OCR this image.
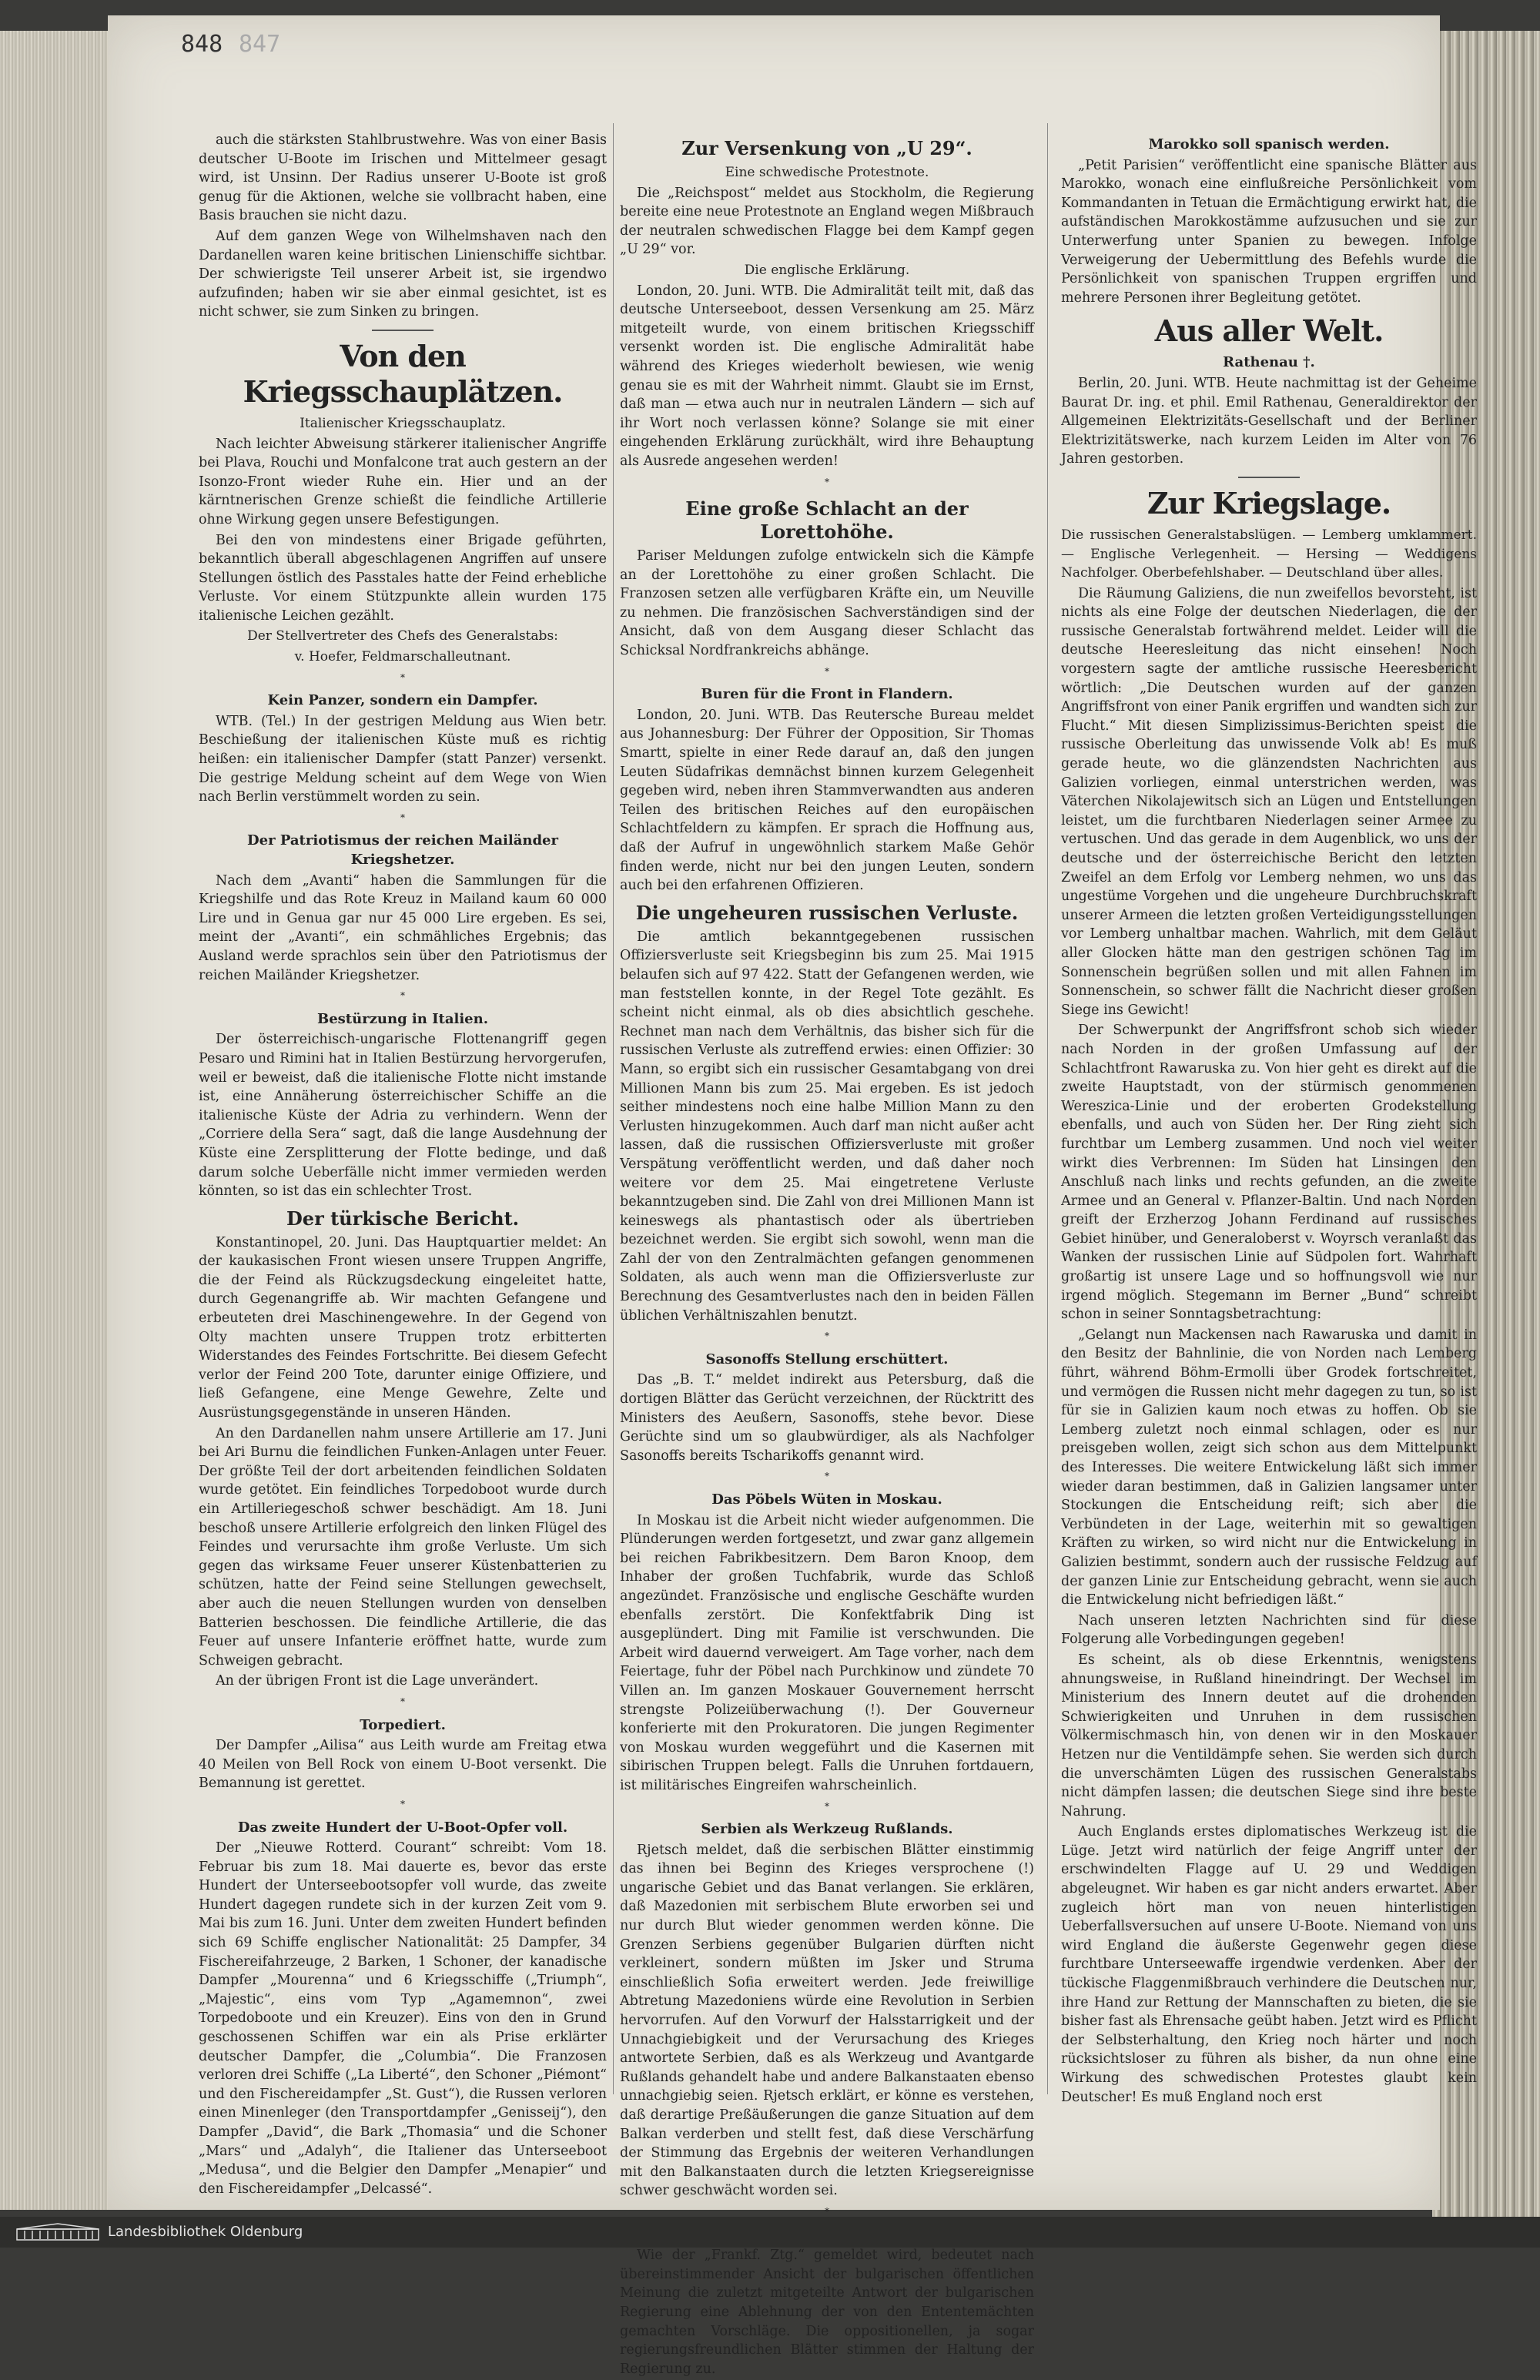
848 847

auch die stärksten Stahlbrustwehre. Was von einer Basis deutscher U-Boote im Irischen und Mittelmeer gesagt wird, ist Unsinn. Der Radius unserer U-Boote ist groß genug für die Aktionen, welche sie vollbracht haben, eine Basis brauchen sie nicht dazu.

Auf dem ganzen Wege von Wilhelmshaven nach den Dardanellen waren keine britischen Linienschiffe sichtbar. Der schwierigste Teil unserer Arbeit ist, sie irgendwo aufzufinden; haben wir sie aber einmal gesichtet, ist es nicht schwer, sie zum Sinken zu bringen.

Von den Kriegsschauplätzen.
Italienischer Kriegsschauplatz.

Nach leichter Abweisung stärkerer italienischer Angriffe bei Plava, Rouchi und Monfalcone trat auch gestern an der Isonzo-Front wieder Ruhe ein. Hier und an der kärntnerischen Grenze schießt die feindliche Artillerie ohne Wirkung gegen unsere Befestigungen.

Bei den von mindestens einer Brigade geführten, bekanntlich überall abgeschlagenen Angriffen auf unsere Stellungen östlich des Passtales hatte der Feind erhebliche Verluste. Vor einem Stützpunkte allein wurden 175 italienische Leichen gezählt.

Der Stellvertreter des Chefs des Generalstabs:
v. Hoefer, Feldmarschalleutnant.
*
Kein Panzer, sondern ein Dampfer.

WTB. (Tel.) In der gestrigen Meldung aus Wien betr. Beschießung der italienischen Küste muß es richtig heißen: ein italienischer Dampfer (statt Panzer) versenkt. Die gestrige Meldung scheint auf dem Wege von Wien nach Berlin verstümmelt worden zu sein.

*
Der Patriotismus der reichen Mailänder Kriegshetzer.

Nach dem „Avanti“ haben die Sammlungen für die Kriegshilfe und das Rote Kreuz in Mailand kaum 60 000 Lire und in Genua gar nur 45 000 Lire ergeben. Es sei, meint der „Avanti“, ein schmähliches Ergebnis; das Ausland werde sprachlos sein über den Patriotismus der reichen Mailänder Kriegshetzer.

*
Bestürzung in Italien.

Der österreichisch-ungarische Flottenangriff gegen Pesaro und Rimini hat in Italien Bestürzung hervorgerufen, weil er beweist, daß die italienische Flotte nicht imstande ist, eine Annäherung österreichischer Schiffe an die italienische Küste der Adria zu verhindern. Wenn der „Corriere della Sera“ sagt, daß die lange Ausdehnung der Küste eine Zersplitterung der Flotte bedinge, und daß darum solche Ueberfälle nicht immer vermieden werden könnten, so ist das ein schlechter Trost.

Der türkische Bericht.

Konstantinopel, 20. Juni. Das Hauptquartier meldet: An der kaukasischen Front wiesen unsere Truppen Angriffe, die der Feind als Rückzugsdeckung eingeleitet hatte, durch Gegenangriffe ab. Wir machten Gefangene und erbeuteten drei Maschinengewehre. In der Gegend von Olty machten unsere Truppen trotz erbitterten Widerstandes des Feindes Fortschritte. Bei diesem Gefecht verlor der Feind 200 Tote, darunter einige Offiziere, und ließ Gefangene, eine Menge Gewehre, Zelte und Ausrüstungsgegenstände in unseren Händen.

An den Dardanellen nahm unsere Artillerie am 17. Juni bei Ari Burnu die feindlichen Funken-Anlagen unter Feuer. Der größte Teil der dort arbeitenden feindlichen Soldaten wurde getötet. Ein feindliches Torpedoboot wurde durch ein Artilleriegeschoß schwer beschädigt. Am 18. Juni beschoß unsere Artillerie erfolgreich den linken Flügel des Feindes und verursachte ihm große Verluste. Um sich gegen das wirksame Feuer unserer Küstenbatterien zu schützen, hatte der Feind seine Stellungen gewechselt, aber auch die neuen Stellungen wurden von denselben Batterien beschossen. Die feindliche Artillerie, die das Feuer auf unsere Infanterie eröffnet hatte, wurde zum Schweigen gebracht.

An der übrigen Front ist die Lage unverändert.

*
Torpediert.

Der Dampfer „Ailisa“ aus Leith wurde am Freitag etwa 40 Meilen von Bell Rock von einem U-Boot versenkt. Die Bemannung ist gerettet.

*
Das zweite Hundert der U-Boot-Opfer voll.

Der „Nieuwe Rotterd. Courant“ schreibt: Vom 18. Februar bis zum 18. Mai dauerte es, bevor das erste Hundert der Unterseebootsopfer voll wurde, das zweite Hundert dagegen rundete sich in der kurzen Zeit vom 9. Mai bis zum 16. Juni. Unter dem zweiten Hundert befinden sich 69 Schiffe englischer Nationalität: 25 Dampfer, 34 Fischereifahrzeuge, 2 Barken, 1 Schoner, der kanadische Dampfer „Mourenna“ und 6 Kriegsschiffe („Triumph“, „Majestic“, eins vom Typ „Agamemnon“, zwei Torpedoboote und ein Kreuzer). Eins von den in Grund geschossenen Schiffen war ein als Prise erklärter deutscher Dampfer, die „Columbia“. Die Franzosen verloren drei Schiffe („La Liberté“, den Schoner „Piémont“ und den Fischereidampfer „St. Gust“), die Russen verloren einen Minenleger (den Transportdampfer „Genisseij“), den Dampfer „David“, die Bark „Thomasia“ und die Schoner „Mars“ und „Adalyh“, die Italiener das Unterseeboot „Medusa“, und die Belgier den Dampfer „Menapier“ und den Fischereidampfer „Delcassé“.

Zur Versenkung von „U 29“.
Eine schwedische Protestnote.

Die „Reichspost“ meldet aus Stockholm, die Regierung bereite eine neue Protestnote an England wegen Mißbrauch der neutralen schwedischen Flagge bei dem Kampf gegen „U 29“ vor.

Die englische Erklärung.

London, 20. Juni. WTB. Die Admiralität teilt mit, daß das deutsche Unterseeboot, dessen Versenkung am 25. März mitgeteilt wurde, von einem britischen Kriegsschiff versenkt worden ist. Die englische Admiralität habe während des Krieges wiederholt bewiesen, wie wenig genau sie es mit der Wahrheit nimmt. Glaubt sie im Ernst, daß man — etwa auch nur in neutralen Ländern — sich auf ihr Wort noch verlassen könne? Solange sie mit einer eingehenden Erklärung zurückhält, wird ihre Behauptung als Ausrede angesehen werden!

*
Eine große Schlacht an der Lorettohöhe.

Pariser Meldungen zufolge entwickeln sich die Kämpfe an der Lorettohöhe zu einer großen Schlacht. Die Franzosen setzen alle verfügbaren Kräfte ein, um Neuville zu nehmen. Die französischen Sachverständigen sind der Ansicht, daß von dem Ausgang dieser Schlacht das Schicksal Nordfrankreichs abhänge.

*
Buren für die Front in Flandern.

London, 20. Juni. WTB. Das Reutersche Bureau meldet aus Johannesburg: Der Führer der Opposition, Sir Thomas Smartt, spielte in einer Rede darauf an, daß den jungen Leuten Südafrikas demnächst binnen kurzem Gelegenheit gegeben wird, neben ihren Stammverwandten aus anderen Teilen des britischen Reiches auf den europäischen Schlachtfeldern zu kämpfen. Er sprach die Hoffnung aus, daß der Aufruf in ungewöhnlich starkem Maße Gehör finden werde, nicht nur bei den jungen Leuten, sondern auch bei den erfahrenen Offizieren.

Die ungeheuren russischen Verluste.

Die amtlich bekanntgegebenen russischen Offiziersverluste seit Kriegsbeginn bis zum 25. Mai 1915 belaufen sich auf 97 422. Statt der Gefangenen werden, wie man feststellen konnte, in der Regel Tote gezählt. Es scheint nicht einmal, als ob dies absichtlich geschehe. Rechnet man nach dem Verhältnis, das bisher sich für die russischen Verluste als zutreffend erwies: einen Offizier: 30 Mann, so ergibt sich ein russischer Gesamtabgang von drei Millionen Mann bis zum 25. Mai ergeben. Es ist jedoch seither mindestens noch eine halbe Million Mann zu den Verlusten hinzugekommen. Auch darf man nicht außer acht lassen, daß die russischen Offiziersverluste mit großer Verspätung veröffentlicht werden, und daß daher noch weitere vor dem 25. Mai eingetretene Verluste bekanntzugeben sind. Die Zahl von drei Millionen Mann ist keineswegs als phantastisch oder als übertrieben bezeichnet werden. Sie ergibt sich sowohl, wenn man die Zahl der von den Zentralmächten gefangen genommenen Soldaten, als auch wenn man die Offiziersverluste zur Berechnung des Gesamtverlustes nach den in beiden Fällen üblichen Verhältniszahlen benutzt.

*
Sasonoffs Stellung erschüttert.

Das „B. T.“ meldet indirekt aus Petersburg, daß die dortigen Blätter das Gerücht verzeichnen, der Rücktritt des Ministers des Aeußern, Sasonoffs, stehe bevor. Diese Gerüchte sind um so glaubwürdiger, als als Nachfolger Sasonoffs bereits Tscharikoffs genannt wird.

*
Das Pöbels Wüten in Moskau.

In Moskau ist die Arbeit nicht wieder aufgenommen. Die Plünderungen werden fortgesetzt, und zwar ganz allgemein bei reichen Fabrikbesitzern. Dem Baron Knoop, dem Inhaber der großen Tuchfabrik, wurde das Schloß angezündet. Französische und englische Geschäfte wurden ebenfalls zerstört. Die Konfektfabrik Ding ist ausgeplündert. Ding mit Familie ist verschwunden. Die Arbeit wird dauernd verweigert. Am Tage vorher, nach dem Feiertage, fuhr der Pöbel nach Purchkinow und zündete 70 Villen an. Im ganzen Moskauer Gouvernement herrscht strengste Polizeiüberwachung (!). Der Gouverneur konferierte mit den Prokuratoren. Die jungen Regimenter von Moskau wurden weggeführt und die Kasernen mit sibirischen Truppen belegt. Falls die Unruhen fortdauern, ist militärisches Eingreifen wahrscheinlich.

*
Serbien als Werkzeug Rußlands.

Rjetsch meldet, daß die serbischen Blätter einstimmig das ihnen bei Beginn des Krieges versprochene (!) ungarische Gebiet und das Banat verlangen. Sie erklären, daß Mazedonien mit serbischem Blute erworben sei und nur durch Blut wieder genommen werden könne. Die Grenzen Serbiens gegenüber Bulgarien dürften nicht verkleinert, sondern müßten im Jsker und Struma einschließlich Sofia erweitert werden. Jede freiwillige Abtretung Mazedoniens würde eine Revolution in Serbien hervorrufen. Auf den Vorwurf der Halsstarrigkeit und der Unnachgiebigkeit und der Verursachung des Krieges antwortete Serbien, daß es als Werkzeug und Avantgarde Rußlands gehandelt habe und andere Balkanstaaten ebenso unnachgiebig seien. Rjetsch erklärt, er könne es verstehen, daß derartige Preßäußerungen die ganze Situation auf dem Balkan verderben und stellt fest, daß diese Verschärfung der Stimmung das Ergebnis der weiteren Verhandlungen mit den Balkanstaaten durch die letzten Kriegsereignisse schwer geschwächt worden sei.

*

Wie der „Frankf. Ztg.“ gemeldet wird, bedeutet nach übereinstimmender Ansicht der bulgarischen öffentlichen Meinung die zuletzt mitgeteilte Antwort der bulgarischen Regierung eine Ablehnung der von den Ententemächten gemachten Vorschläge. Die oppositionellen, ja sogar regierungsfreundlichen Blätter stimmen der Haltung der Regierung zu.

Marokko soll spanisch werden.

„Petit Parisien“ veröffentlicht eine spanische Blätter aus Marokko, wonach eine einflußreiche Persönlichkeit vom Kommandanten in Tetuan die Ermächtigung erwirkt hat, die aufständischen Marokkostämme aufzusuchen und sie zur Unterwerfung unter Spanien zu bewegen. Infolge Verweigerung der Uebermittlung des Befehls wurde die Persönlichkeit von spanischen Truppen ergriffen und mehrere Personen ihrer Begleitung getötet.

Aus aller Welt.
Rathenau †.

Berlin, 20. Juni. WTB. Heute nachmittag ist der Geheime Baurat Dr. ing. et phil. Emil Rathenau, Generaldirektor der Allgemeinen Elektrizitäts-Gesellschaft und der Berliner Elektrizitätswerke, nach kurzem Leiden im Alter von 76 Jahren gestorben.

Zur Kriegslage.
Die russischen Generalstabslügen. — Lemberg umklammert. — Englische Verlegenheit. — Hersing — Weddigens Nachfolger. Oberbefehlshaber. — Deutschland über alles.

Die Räumung Galiziens, die nun zweifellos bevorsteht, ist nichts als eine Folge der deutschen Niederlagen, die der russische Generalstab fortwährend meldet. Leider will die deutsche Heeresleitung das nicht einsehen! Noch vorgestern sagte der amtliche russische Heeresbericht wörtlich: „Die Deutschen wurden auf der ganzen Angriffsfront von einer Panik ergriffen und wandten sich zur Flucht.“ Mit diesen Simplizissimus-Berichten speist die russische Oberleitung das unwissende Volk ab! Es muß gerade heute, wo die glänzendsten Nachrichten aus Galizien vorliegen, einmal unterstrichen werden, was Väterchen Nikolajewitsch sich an Lügen und Entstellungen leistet, um die furchtbaren Niederlagen seiner Armee zu vertuschen. Und das gerade in dem Augenblick, wo uns der deutsche und der österreichische Bericht den letzten Zweifel an dem Erfolg vor Lemberg nehmen, wo uns das ungestüme Vorgehen und die ungeheure Durchbruchskraft unserer Armeen die letzten großen Verteidigungsstellungen vor Lemberg unhaltbar machen. Wahrlich, mit dem Geläut aller Glocken hätte man den gestrigen schönen Tag im Sonnenschein begrüßen sollen und mit allen Fahnen im Sonnenschein, so schwer fällt die Nachricht dieser großen Siege ins Gewicht!

Der Schwerpunkt der Angriffsfront schob sich wieder nach Norden in der großen Umfassung auf der Schlachtfront Rawaruska zu. Von hier geht es direkt auf die zweite Hauptstadt, von der stürmisch genommenen Wereszica-Linie und der eroberten Grodekstellung ebenfalls, und auch von Süden her. Der Ring zieht sich furchtbar um Lemberg zusammen. Und noch viel weiter wirkt dies Verbrennen: Im Süden hat Linsingen den Anschluß nach links und rechts gefunden, an die zweite Armee und an General v. Pflanzer-Baltin. Und nach Norden greift der Erzherzog Johann Ferdinand auf russisches Gebiet hinüber, und Generaloberst v. Woyrsch veranlaßt das Wanken der russischen Linie auf Südpolen fort. Wahrhaft großartig ist unsere Lage und so hoffnungsvoll wie nur irgend möglich. Stegemann im Berner „Bund“ schreibt schon in seiner Sonntagsbetrachtung:

„Gelangt nun Mackensen nach Rawaruska und damit in den Besitz der Bahnlinie, die von Norden nach Lemberg führt, während Böhm-Ermolli über Grodek fortschreitet, und vermögen die Russen nicht mehr dagegen zu tun, so ist für sie in Galizien kaum noch etwas zu hoffen. Ob sie Lemberg zuletzt noch einmal schlagen, oder es nur preisgeben wollen, zeigt sich schon aus dem Mittelpunkt des Interesses. Die weitere Entwickelung läßt sich immer wieder daran bestimmen, daß in Galizien langsamer unter Stockungen die Entscheidung reift; sich aber die Verbündeten in der Lage, weiterhin mit so gewaltigen Kräften zu wirken, so wird nicht nur die Entwickelung in Galizien bestimmt, sondern auch der russische Feldzug auf der ganzen Linie zur Entscheidung gebracht, wenn sie auch die Entwickelung nicht befriedigen läßt.“

Nach unseren letzten Nachrichten sind für diese Folgerung alle Vorbedingungen gegeben!

Es scheint, als ob diese Erkenntnis, wenigstens ahnungsweise, in Rußland hineindringt. Der Wechsel im Ministerium des Innern deutet auf die drohenden Schwierigkeiten und Unruhen in dem russischen Völkermischmasch hin, von denen wir in den Moskauer Hetzen nur die Ventildämpfe sehen. Sie werden sich durch die unverschämten Lügen des russischen Generalstabs nicht dämpfen lassen; die deutschen Siege sind ihre beste Nahrung.

Auch Englands erstes diplomatisches Werkzeug ist die Lüge. Jetzt wird natürlich der feige Angriff unter der erschwindelten Flagge auf U. 29 und Weddigen abgeleugnet. Wir haben es gar nicht anders erwartet. Aber zugleich hört man von neuen hinterlistigen Ueberfallsversuchen auf unsere U-Boote. Niemand von uns wird England die äußerste Gegenwehr gegen diese furchtbare Unterseewaffe irgendwie verdenken. Aber der tückische Flaggenmißbrauch verhindere die Deutschen nur, ihre Hand zur Rettung der Mannschaften zu bieten, die sie bisher fast als Ehrensache geübt haben. Jetzt wird es Pflicht der Selbsterhaltung, den Krieg noch härter und noch rücksichtsloser zu führen als bisher, da nun ohne eine Wirkung des schwedischen Protestes glaubt kein Deutscher! Es muß England noch erst

Landesbibliothek Oldenburg
